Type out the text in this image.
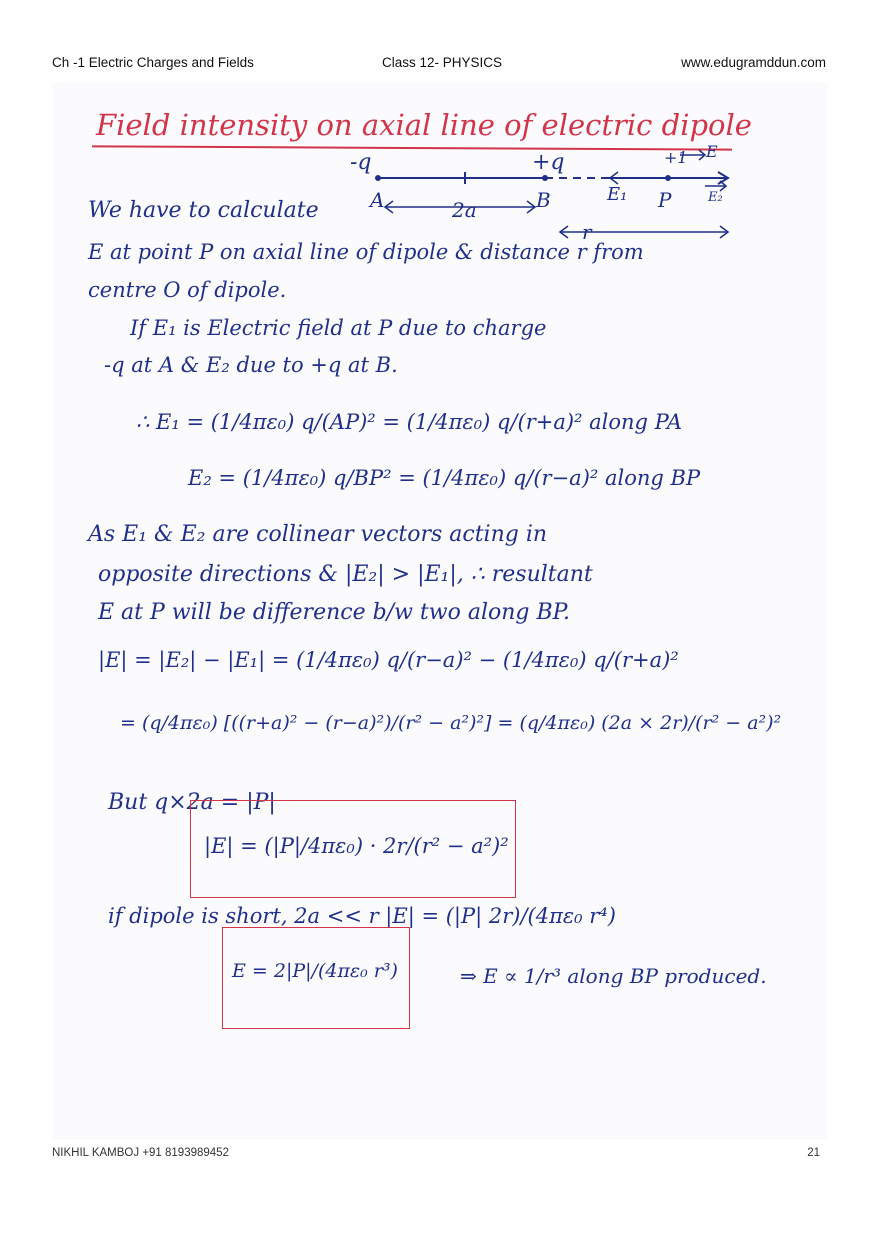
Ch -1 Electric Charges and Fields	Class 12- PHYSICS	www.edugramddun.com
Field intensity on axial line of electric dipole
-q	+q	+1 E
A	B	P
E₁	E₂
2a
r
We have to calculate
E at point P on axial line of dipole & distance r from
centre O of dipole.
If E₁ is Electric field at P due to charge
-q at A & E₂ due to +q at B.
∴ E₁ = (1/4πε₀) q/(AP)² = (1/4πε₀) q/(r+a)² along PA
E₂ = (1/4πε₀) q/BP² = (1/4πε₀) q/(r−a)² along BP
As E₁ & E₂ are collinear vectors acting in
opposite directions & |E₂| > |E₁|, ∴ resultant
E at P will be difference b/w two along BP.
|E| = |E₂| − |E₁| = (1/4πε₀) q/(r−a)² − (1/4πε₀) q/(r+a)²
= (q/4πε₀) [((r+a)² − (r−a)²)/(r² − a²)²] = (q/4πε₀) (2a × 2r)/(r² − a²)²
But q×2a = |P|
|E| = (|P|/4πε₀) · 2r/(r² − a²)²
if dipole is short, 2a << r |E| = (|P| 2r)/(4πε₀ r⁴)
E = 2|P|/(4πε₀ r³)	⇒ E ∝ 1/r³ along BP produced.
NIKHIL KAMBOJ +91 8193989452	21
